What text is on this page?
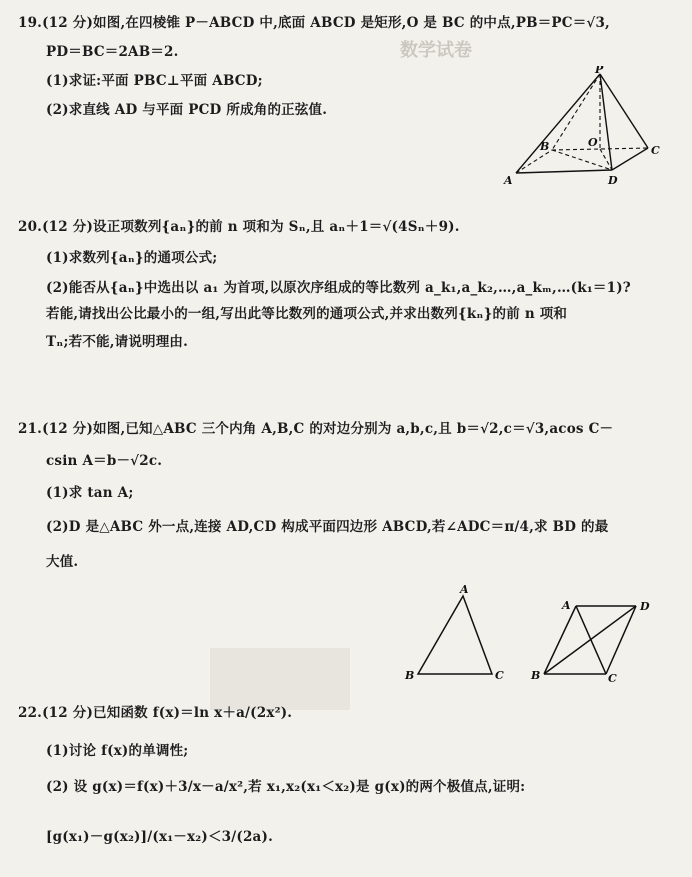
数学试卷
19.(12 分)如图,在四棱锥 P－ABCD 中,底面 ABCD 是矩形,O 是 BC 的中点,PB＝PC＝√3,
PD＝BC＝2AB＝2.
(1)求证:平面 PBC⊥平面 ABCD;
(2)求直线 AD 与平面 PCD 所成角的正弦值.
P
B	O
C
A	D
20.(12 分)设正项数列{aₙ}的前 n 项和为 Sₙ,且 aₙ＋1＝√(4Sₙ＋9).
(1)求数列{aₙ}的通项公式;
(2)能否从{aₙ}中选出以 a₁ 为首项,以原次序组成的等比数列 a_k₁,a_k₂,…,a_kₘ,…(k₁＝1)?
若能,请找出公比最小的一组,写出此等比数列的通项公式,并求出数列{kₙ}的前 n 项和
Tₙ;若不能,请说明理由.
21.(12 分)如图,已知△ABC 三个内角 A,B,C 的对边分别为 a,b,c,且 b＝√2,c＝√3,acos C－
csin A＝b－√2c.
(1)求 tan A;
(2)D 是△ABC 外一点,连接 AD,CD 构成平面四边形 ABCD,若∠ADC＝π/4,求 BD 的最
大值.
A
B	C
A	D
B	C
22.(12 分)已知函数 f(x)＝ln x＋a/(2x²).
(1)讨论 f(x)的单调性;
(2) 设 g(x)＝f(x)＋3/x－a/x²,若 x₁,x₂(x₁＜x₂)是 g(x)的两个极值点,证明:
[g(x₁)－g(x₂)]/(x₁－x₂)＜3/(2a).
